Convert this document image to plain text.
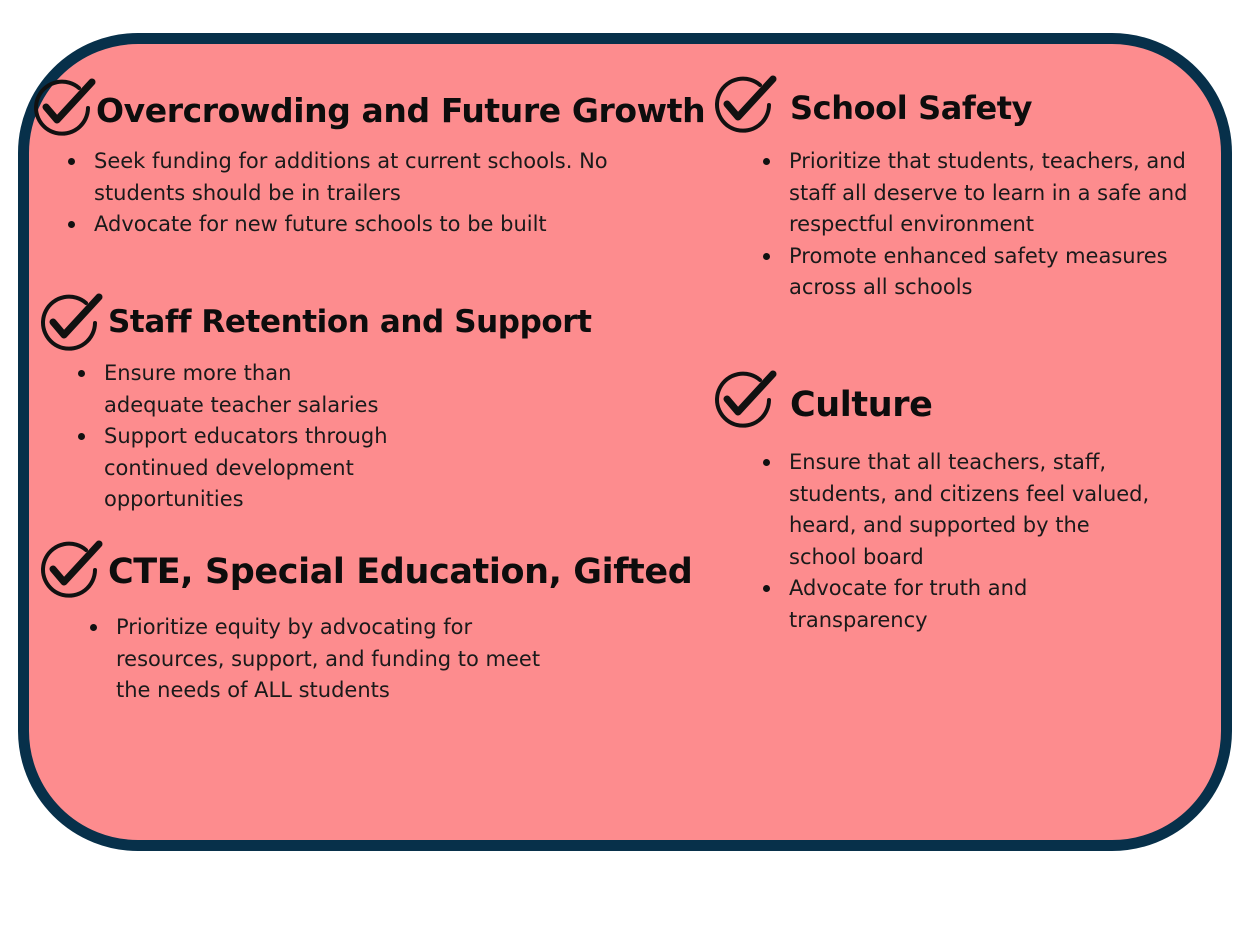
Overcrowding and Future Growth
Seek funding for additions at current schools. No students should be in trailers
Advocate for new future schools to be built
Staff Retention and Support
Ensure more than adequate teacher salaries
Support educators through continued development opportunities
CTE, Special Education, Gifted
Prioritize equity by advocating for resources, support, and funding to meet the needs of ALL students
School Safety
Prioritize that students, teachers, and staff all deserve to learn in a safe and respectful environment
Promote enhanced safety measures across all schools
Culture
Ensure that all teachers, staff, students, and citizens feel valued, heard, and supported by the school board
Advocate for truth and transparency
